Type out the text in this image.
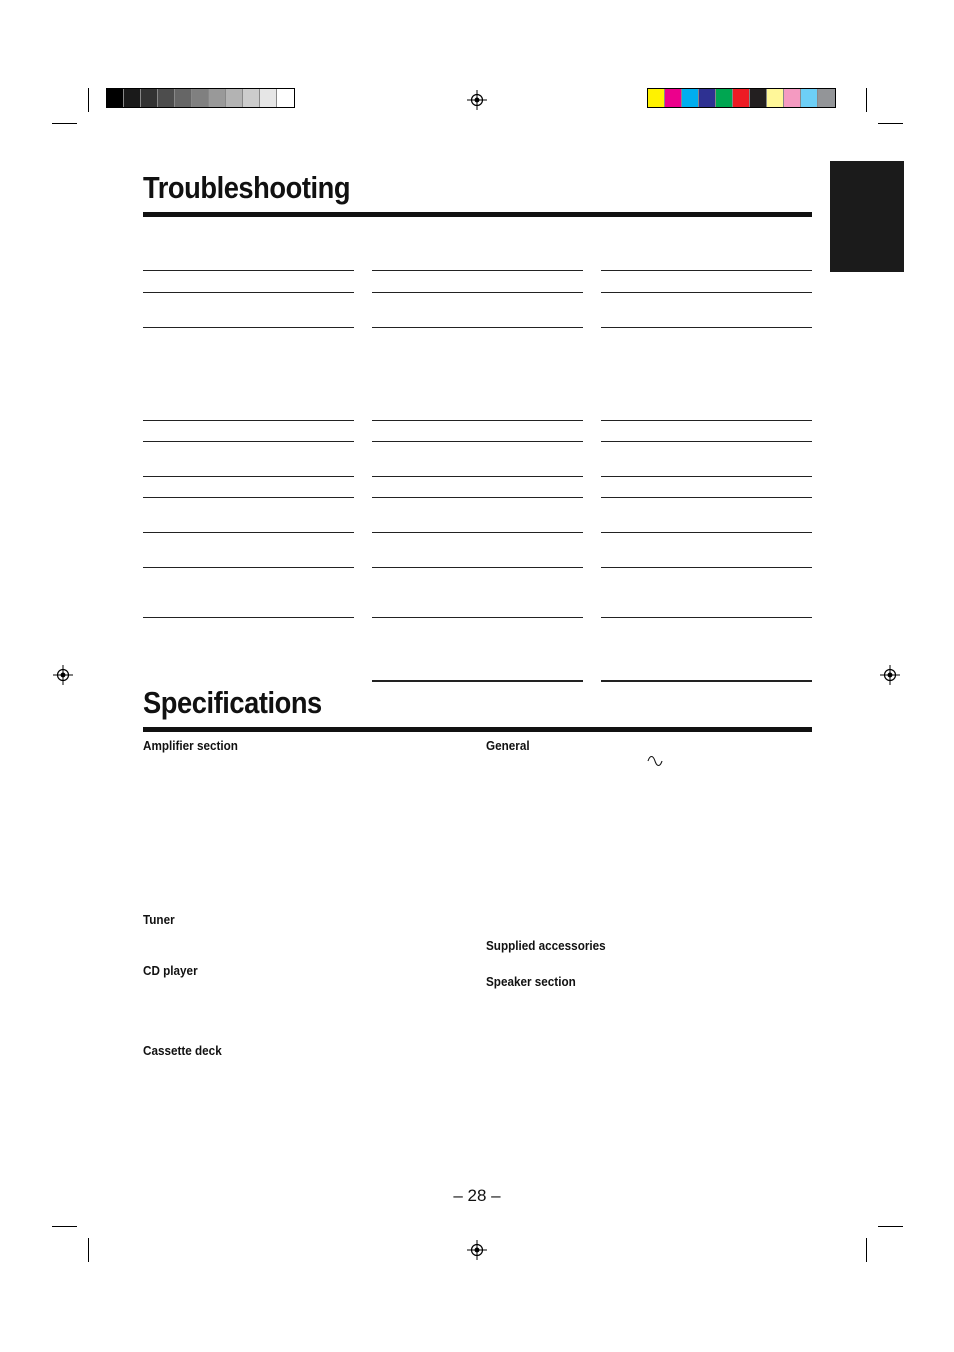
Troubleshooting
Specifications
Amplifier section
Tuner
CD player
Cassette deck
General
Supplied accessories
Speaker section
– 28 –
